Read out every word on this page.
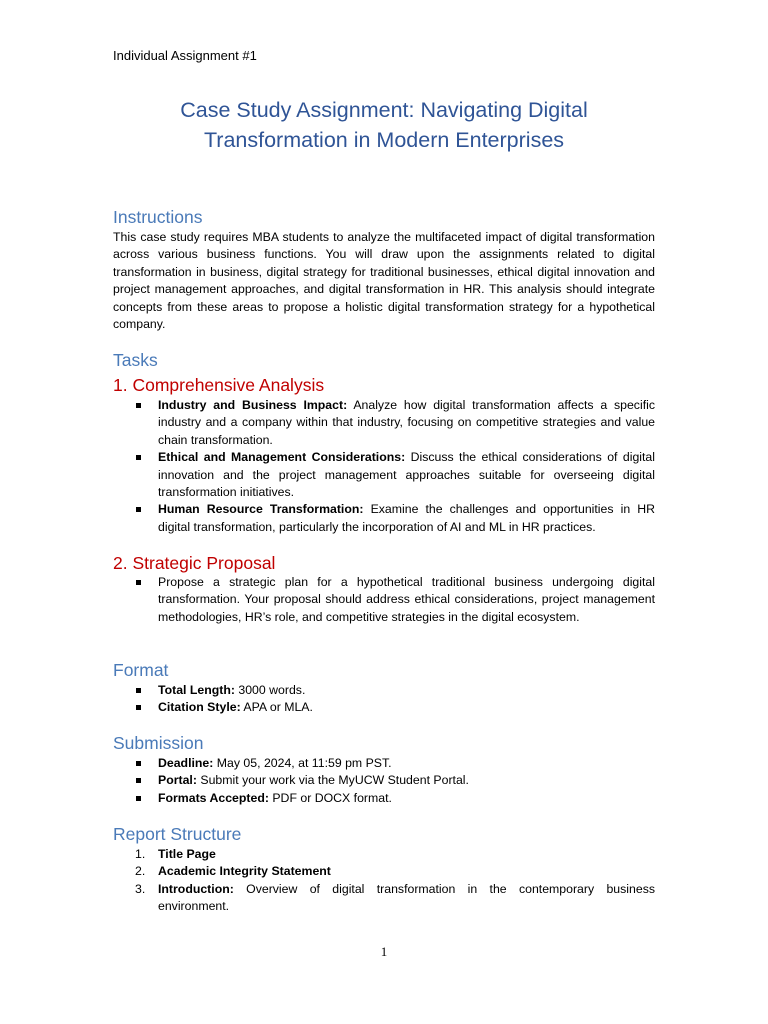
Individual Assignment #1
Case Study Assignment: Navigating Digital Transformation in Modern Enterprises
Instructions

This case study requires MBA students to analyze the multifaceted impact of digital transformation across various business functions. You will draw upon the assignments related to digital transformation in business, digital strategy for traditional businesses, ethical digital innovation and project management approaches, and digital transformation in HR. This analysis should integrate concepts from these areas to propose a holistic digital transformation strategy for a hypothetical company.

Tasks
1. Comprehensive Analysis
Industry and Business Impact: Analyze how digital transformation affects a specific industry and a company within that industry, focusing on competitive strategies and value chain transformation.
Ethical and Management Considerations: Discuss the ethical considerations of digital innovation and the project management approaches suitable for overseeing digital transformation initiatives.
Human Resource Transformation: Examine the challenges and opportunities in HR digital transformation, particularly the incorporation of AI and ML in HR practices.
2. Strategic Proposal
Propose a strategic plan for a hypothetical traditional business undergoing digital transformation. Your proposal should address ethical considerations, project management methodologies, HR’s role, and competitive strategies in the digital ecosystem.
Format
Total Length: 3000 words.
Citation Style: APA or MLA.
Submission
Deadline: May 05, 2024, at 11:59 pm PST.
Portal: Submit your work via the MyUCW Student Portal.
Formats Accepted: PDF or DOCX format.
Report Structure
1. Title Page
2. Academic Integrity Statement
3. Introduction: Overview of digital transformation in the contemporary business environment.
1
